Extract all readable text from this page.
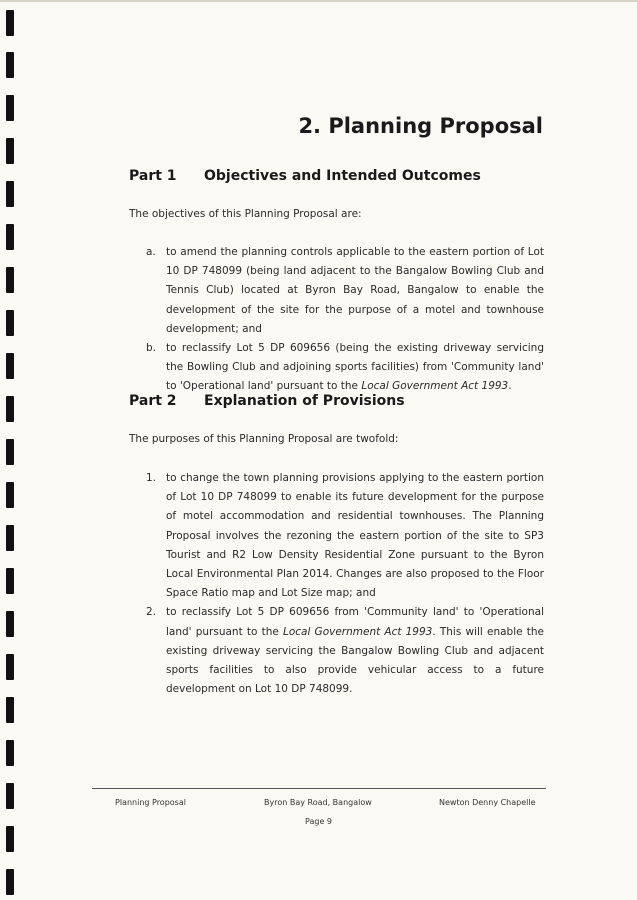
2. Planning Proposal
Part 1 Objectives and Intended Outcomes

The objectives of this Planning Proposal are:

a. to amend the planning controls applicable to the eastern portion of Lot 10 DP 748099 (being land adjacent to the Bangalow Bowling Club and Tennis Club) located at Byron Bay Road, Bangalow to enable the development of the site for the purpose of a motel and townhouse development; and
b. to reclassify Lot 5 DP 609656 (being the existing driveway servicing the Bowling Club and adjoining sports facilities) from 'Community land' to 'Operational land' pursuant to the Local Government Act 1993.
Part 2 Explanation of Provisions

The purposes of this Planning Proposal are twofold:

1. to change the town planning provisions applying to the eastern portion of Lot 10 DP 748099 to enable its future development for the purpose of motel accommodation and residential townhouses. The Planning Proposal involves the rezoning the eastern portion of the site to SP3 Tourist and R2 Low Density Residential Zone pursuant to the Byron Local Environmental Plan 2014. Changes are also proposed to the Floor Space Ratio map and Lot Size map; and
2. to reclassify Lot 5 DP 609656 from 'Community land' to 'Operational land' pursuant to the Local Government Act 1993. This will enable the existing driveway servicing the Bangalow Bowling Club and adjacent sports facilities to also provide vehicular access to a future development on Lot 10 DP 748099.
Planning Proposal	Byron Bay Road, Bangalow	Newton Denny Chapelle
Page 9
